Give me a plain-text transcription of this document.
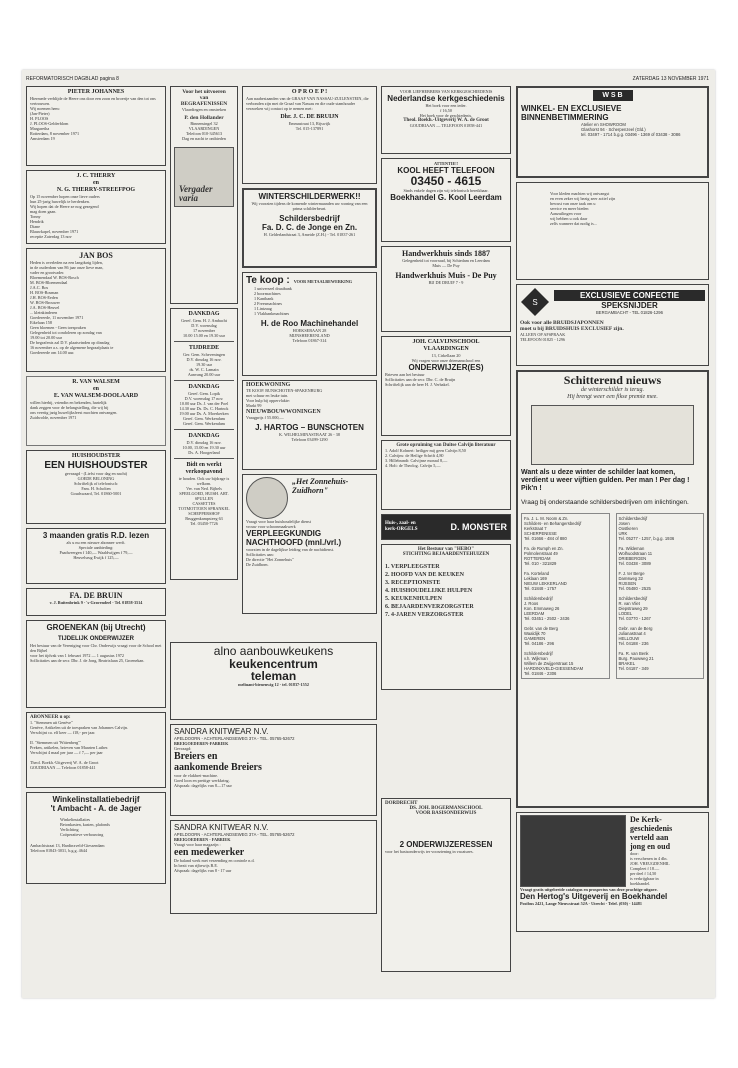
REFORMATORISCH DAGBLAD pagina 8	ZATERDAG 13 NOVEMBER 1971
PIETER JOHANNES
Hiermede verblijde de Heere ons door een zoon en broertje van den tot ons vertrouwen.
Wij noemen hem:
(Jan-Pieter)
H. PLOOS
J. PLOOS-Gelderblom
Margaretha
Rotterdam, 8 november 1971
Amsterdam 19
J. C. THERRY
en
N. G. THERRY-STREEFPOG
Op 15 november hopen onze lieve ouders
hun 25-jarig huwelijk te herdenken.
Wij hopen dat de Heere ze nog gezegend
mag doen gaan.
Tonny
Hendrik
Diane
Blauwkapel, november 1971
receptie Zaterdag 13 nov
JAN BOS
Heden is overleden na een langdurig lijden,
in de ouderdom van 86 jaar onze lieve man,
vader en grootvader.
Bloemendaal W. BOS-Bosch
M. BOS-Bloemendaal
J.A.C. Bos
H. BOS-Bosman
J.H. BOS-Eeden
W. BOS-Brouwer
J.A. BOS-Heuvel
... kleinkinderen
Goedereede, 11 november 1971
Eikelaan 158
Geen bloemen - Geen toespraken
Gelegenheid tot condoleren op zondag van
19.00 tot 20.00 uur
De begrafenis zal D.V. plaatsvinden op dinsdag
16 november a.s. op de algemene begraafplaats te
Goedereede om 14.00 uur.
R. VAN WALSEM
en
E. VAN WALSEM-DOOLAARD
willen hierbij, vriendin en bekenden, hartelijk
dank zeggen voor de belangstelling, die wij bij
ons veertig jarig huwelijksfeest mochten ontvangen.
Zuidwolde, november 1971
HUISHOUDSTER
EEN HUISHOUDSTER
gevraagd - (Liefst voor dag en nacht)
GOEDE BELONING
Schriftelijk of telefonisch:
Fam. H. Scholten
Goudswaard, Tel. 01860-5001
3 maanden gratis R.D. lezen
als u nu een nieuwe abonnee werft.
Speciale aanbieding:
Paadweergen f 140,— Waaldwijgen f 79,—
Heuvelsrug Ewijk f 125,—
FA. DE BRUIN
v. J. Buitenbrink 9 - 's-Gravendeel - Tel. 01858-3514
GROENEKAN (bij Utrecht)
TIJDELIJK ONDERWIJZER
Het bestuur van de Vereniging voor Chr. Onderwijs vraagt voor de School met den Bijbel
voor het tijdvak van 1 februari 1972 — 1 augustus 1972
Sollicitaties aan de secr. Dhr. J. de Jong, Beatrixlaan 25, Groenekan.
ABONNEER u op:
1. "Stemmen uit Genève"
Genève, Artikelen uit de toespraken van Johannes Calvijn.
Verschijnt ca. elf keer — f18,- per jaar.

II. "Stemmen uit 'Wittenberg'"
Preken, artikelen, brieven van Maarten Luther.
Verschijnt 4 maal per jaar — f 7,— per jaar

Theol. Boekh.-Uitgeverij W. A. de Groot
GOUDRIAAN — Telefoon 01858-441
Winkelinstallatiebedrijf
't Ambacht - A. de Jager
Winkelinstallaties
Betonkasten, kasten, plafonds
Verlichting
Coöperatieve verbouwing
Ambachtstraat 13, Hardinxveld-Giessendam
Telefoon 01843-3031, b.g.g. 4644
Voor het uitvoeren
van
BEGRAFENISSEN
Vlaardingen en omstreken
P. den Hollander
Binnensingel 32
VLAARDINGEN
Telefoon 010-345613
Dag en nacht te ontbieden
Vergader
varia
DANKDAG
Geref. Gem. H. J. Ambacht
D.V. woensdag
17 november
10.00 15.00 en 19.30 uur
TIJDREDE
Ger. Gem. Scheveningen
D.V. dinsdag 16 nov.
19.30 uur
ds. W. C. Lamain
Aanvang 20.00 uur
DANKDAG
Geref. Gem. Lopik
D.V. woensdag 17 nov.
10.00 uur Ds. J. van der Poel
14.30 uur Ds. Ds. C. Harinck
19.00 uur Ds. A. Moerkerken
Geref. Gem. Werkendam
Geref. Gem. Werkendam
DANKDAG
D.V. dinsdag 16 nov.
10.00, 15.00 en 19.30 uur
Ds. A. Hoogerland
Bidt en werkt
verkoopavond
te houden. Ook uw bijdrage is welkom.
Ver. van Ned. Bijbels
SPEELGOED, HUISH. ART. SPULLEN
CASSETTES
TOTMOTTOEN SPRANKEL
SCHEPPERSHOF
Bruggenkampsteeg 63
Tel. 03450-7726
O P R O E P !
Aan naabestaanden van de GRAAF VAN NASSAU-ZUILENSTEIN, die verbonden zijn met de Graaf van Nassau en die oude stamhouder verzoeken wij contact op te nemen met:
Dhr. J. C. DE BRUIJN
Emmastraat 13, Rijswijk
Tel. 015-137891
WINTERSCHILDERWERK!!
Wij voorzien tijdens de komende wintermaanden uw woning van een prima schilderbeurt.
Schildersbedrijf
Fa. D. C. de Jonge en Zn.
H. Gelderlandstraat 3, Ameide (Z.H.) - Tel. 01837-261
Te koop : VOOR METAALBEWERKING
1 universeel draaibank
2 boormachines
1 Kantbank
2 Freesmachines
1 Lintzaag
1 Vlakbankmachines
H. de Roo Machinehandel
HOEKSEBAAN 28
MIJNSHEERENLAND
Telefoon 01867-314
HOEKWONING
TE KOOP. BUNSCHOTEN-SPAKENBURG
met schuur en leuke tuin.
Voor hulp bij oppervlakte:
Markt 99
NIEUWBOUWWONINGEN
Vraagprijs f 55.000,—
J. HARTOG – BUNSCHOTEN
K. WILHELMINASTRAAT 26 - 38
Telefoon 03499-1290
„Het Zonnehuis-
Zuidhorn"
Vraagt voor haar huishoudelijke dienst
vrouw voor schoonmaakwerk
VERPLEEGKUNDIG
NACHTHOOFD (mnl./vrl.)
voorzien in de dagelijkse leiding van de nachtdienst.
Sollicitaties aan:
De directie "Het Zonnehuis"
De Zuidhorn.
VOOR LIEFHEBBERS VAN KERKGESCHIEDENIS
Nederlandse kerkgeschiedenis
Het boek voor een ieder.
f 16,50
Het boek voor de geschiedenis.
Theol. Boekh.-Uitgeverij W. A. de Groot
GOUDRIAAN — TELEFOON 01858-441
ATTENTIE!!
KOOL HEEFT TELEFOON
03450 - 4615
Sinds enkele dagen zijn wij telefonisch bereikbaar.
Boekhandel G. Kool Leerdam
Handwerkhuis sinds 1887
Gelegenheid tot voorraad, bij Schiedam en Leerdam
Muis — De Puy
Handwerkhuis Muis - De Puy
BIJ DE DRUIF 7 - 9
JOH. CALVIJNSCHOOL
VLAARDINGEN
13, Cirkellaan 20
Wij vragen voor onze driemanschool een
ONDERWIJZER(ES)
Brieven aan het bestuur
Sollicitaties aan de secr. Dhr. C. de Bruijn
Schriftelijk aan de heer H. J. Verbakel.
Grote opruiming van Duitse Calvijn literatuur
1. Adolf Kohnert: heiliger mij geen Calvijn 8,50
2. Calvijns: de Heilige Schrift 4,80
3. Hillebrandt: Calvijnse moraal 8,—
4. Holt: de Theolog. Calvijn 5,—
Huis-, zaal- en
kerk-ORGELS	D. MONSTER
Het Bestuur van "HEBO"
STICHTING BEJAARDENTEHUIZEN
1. VERPLEEGSTER
2. HOOFD VAN DE KEUKEN
3. RECEPTIONISTE
4. HUISHOUDELIJKE HULPEN
5. KEUKENHULPEN
6. BEJAARDENVERZORGSTER
7. 4-JAREN VERZORGSTER
alno aanbouwkeukens
keukencentrum
teleman
meliuant-bienenwig 12 - tel. 01837-1552
SANDRA KNITWEAR N.V.
APELDOORN - ACHTERLANDSEWEG 37A - TEL. 05765-52672
BREIGOEDEREN-FABRIEK
Gevraagd:
Breiers en
aankomende Breiers
voor de vlakbrei-machine.
Goed loon en prettige werkkring.
Afspraak: dagelijks van 8—17 uur
SANDRA KNITWEAR N.V.
APELDOORN - ACHTERLANDSEWEG 37A - TEL. 05765-52672
BREIGOEDEREN - FABRIEK
Vraagt voor haar magazijn :
een medewerker
De baland werk met verzending en controle n.d.
In bezit van rijbewijs B.E.
Afspraak: dagelijks van 8 - 17 uur
DORDRECHT
DS. JOH. BOGERMANSCHOOL
VOOR BASISONDERWIJS
2 ONDERWIJZERESSEN
voor het basisonderwijs ter voorziening in vacatures.
W S B
WINKEL- EN EXCLUSIEVE
BINNENBETIMMERING
Atelier en SHOWROOM
Glashorst 94 · Scherpenzeel (Gld.)
tel. 03497 - 1714 b.g.g. 03496 - 1369 of 03438 - 3086
Voor kleden machten wij ontvangst
en even zeker wij bezig zeer actief zijn
bewust van onze taak om u
service en meer bieden
Aanzuilingen voor
wij hebben u ook daar
zelfs wanneer dat nodig is...
S
EXCLUSIEVE CONFECTIE
SPEKSNIJDER
BERGAMBACHT - TEL 01826-1296
Ook voor alle BRUIDSJAPONNEN
moet u bij BRUIDSHUIS EXCLUSIEF zijn.
ALLEEN OP AFSPRAAK
TELEFOON 01825 - 1296
Schitterend nieuws
de winterschilder is terug.
Hij brengt weer een fikse premie mee.
Want als u deze winter de schilder laat komen, verdient u weer vijftien gulden. Per man ! Per dag ! Pik'n !
Vraag bij onderstaande schildersbedrijven om inlichtingen.
Fa. J. L. M. Noom & Zn.
Schilders- en Behangersbedrijf
Kerkstraat 7
SCHERPENISSE
Tel. 01666 - 484 of 880

Fa. de Rumph en Zn.
Polmolenstraat 49
ROTTERDAM
Tel. 010 - 321829

Fa. Korteland
Leklaan 169
NIEUW LEKKERLAND
Tel. 01848 - 1757

Schildersbedrijf
J. Roos
Kon. Emmaweg 26
LEERDAM
Tel. 03451 - 2502 - 2436

Gebr. van de Berg
Waaldijk 70
GAMEREN
Tel. 04186 - 296

Schildersbedrijf
v.h. Wijkman
Willem de Zwijgerstraat 15
HARDINXVELD-GIESSENDAM
Tel. 01846 - 2306
Schildersbedrijf
Josen
Oostkeren
URK
Tel. 05277 - 1257, b.g.g. 1936

Fa. Wildeman
Wolhuodstraan 11
DRIEBERGEN
Tel. 03438 - 3089

F. J. ter Berge
Damsweg 32
RIJSSEN
Tel. 05480 - 2525

Schildersbedrijf
R. van Vliet
Diepstraweg 29
LODEL
Tel. 03770 - 1267

Gebr. van de Berg
Julianastraat 4
HELLOUW
Tel. 04188 - 236

Fa. R. van Benk
Burg. Pauwweg 21
BRAKEL
Tel. 04187 - 349
De Kerk-
geschiedenis
verteld aan
jong en oud
door:
is verschenen in 4 dln.
JOH. VREUGDENHIL
Compleet f 18.—
per deel f 14,50
is verkrijgbaar in
boekhandel.
Vraagt gratis uitgebreide catalogus en prospectus van deze prachtige uitgave.
Den Hertog's Uitgeverij en Boekhandel
Postbus 2421, Lange Nieuwstraat 52A - Utrecht - Telef. (030) - 14481
